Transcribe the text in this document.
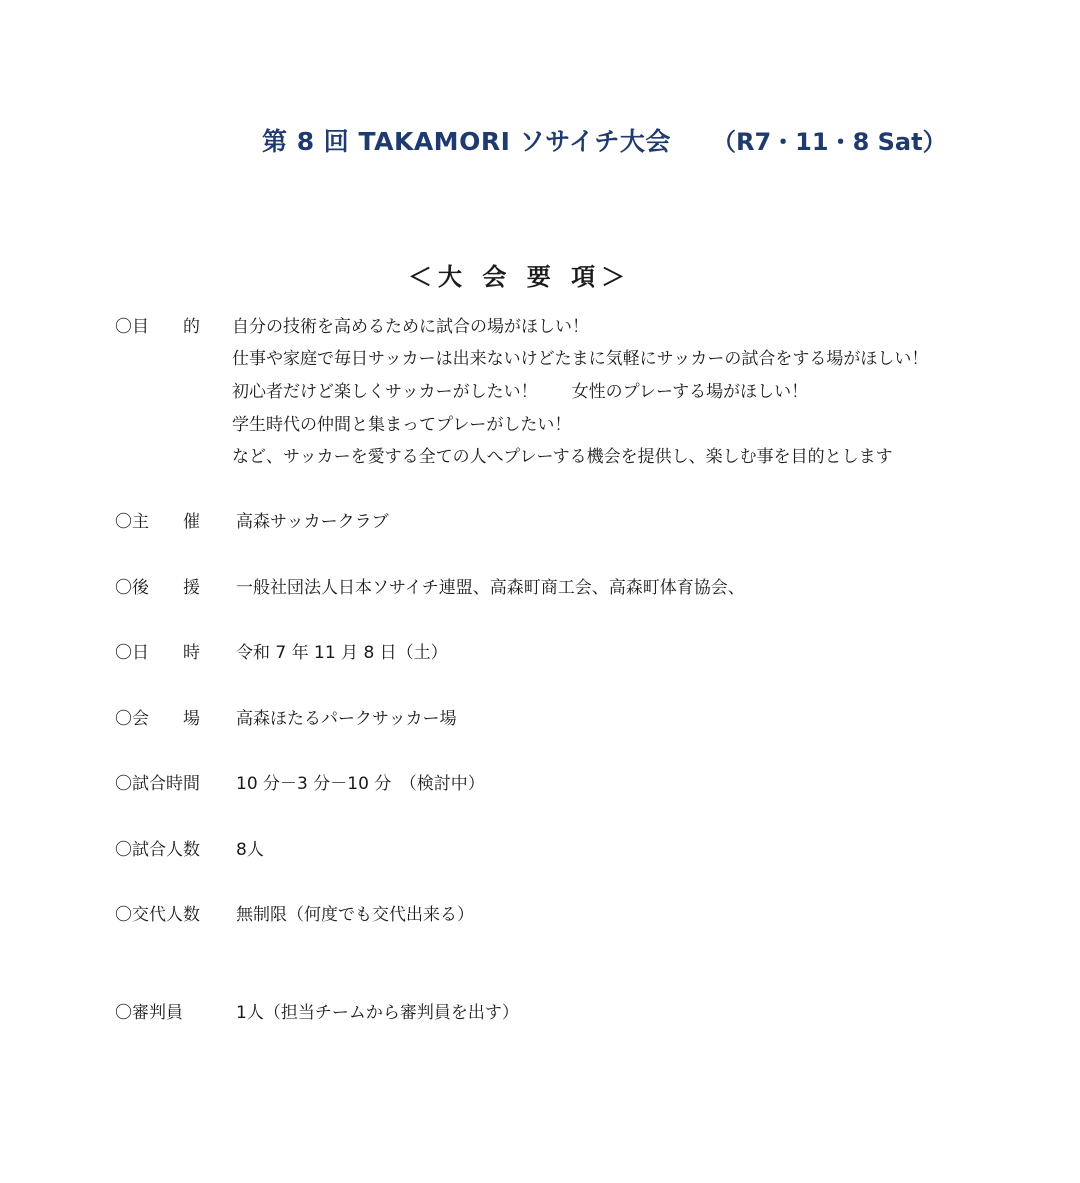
第 8 回 TAKAMORI ソサイチ大会 （R7・11・8 Sat）
＜大 会 要 項＞
〇目　　的 自分の技術を高めるために試合の場がほしい！
仕事や家庭で毎日サッカーは出来ないけどたまに気軽にサッカーの試合をする場がほしい！
初心者だけど楽しくサッカーがしたい！　　女性のプレーする場がほしい！
学生時代の仲間と集まってプレーがしたい！
など、サッカーを愛する全ての人へプレーする機会を提供し、楽しむ事を目的とします
〇主　　催 高森サッカークラブ
〇後　　援 一般社団法人日本ソサイチ連盟、高森町商工会、高森町体育協会、
〇日　　時 令和 7 年 11 月 8 日（土）
〇会　　場 高森ほたるパークサッカー場
〇試合時間 10 分－3 分－10 分　（検討中）
〇試合人数 8人
〇交代人数 無制限（何度でも交代出来る）
〇審判員	1人（担当チームから審判員を出す）
